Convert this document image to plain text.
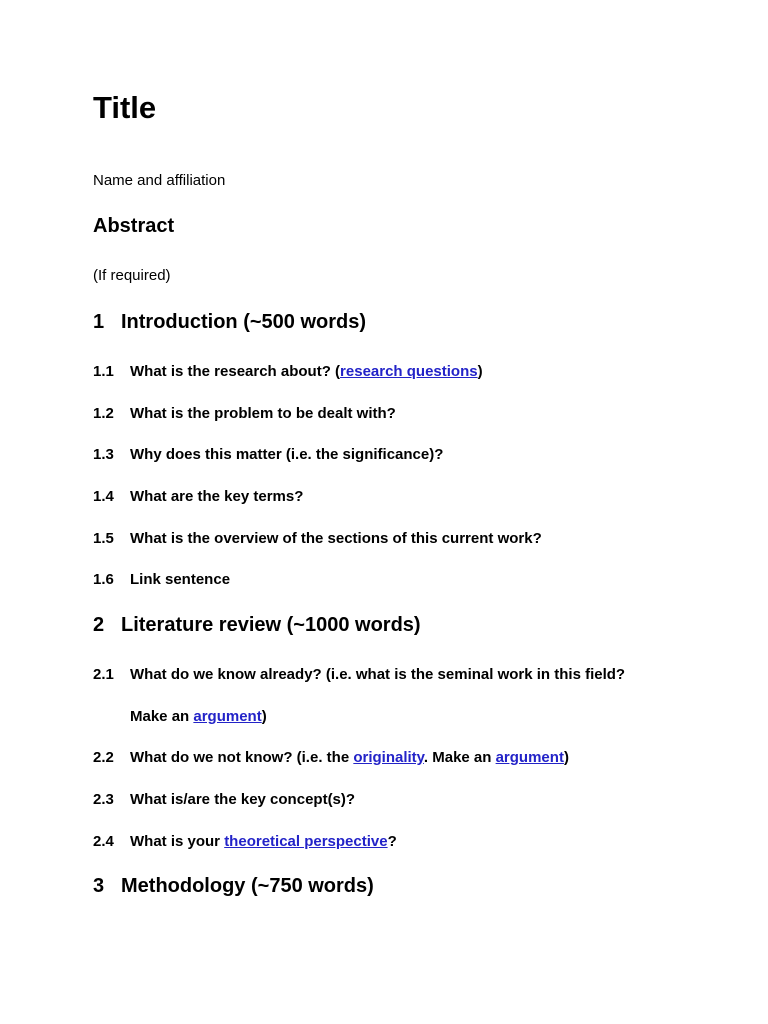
Title

Name and affiliation

Abstract

(If required)

1 Introduction (~500 words)

1.1 What is the research about? (research questions)

1.2 What is the problem to be dealt with?

1.3 Why does this matter (i.e. the significance)?

1.4 What are the key terms?

1.5 What is the overview of the sections of this current work?

1.6 Link sentence

2 Literature review (~1000 words)

2.1 What do we know already? (i.e. what is the seminal work in this field?

Make an argument)

2.2 What do we not know? (i.e. the originality. Make an argument)

2.3 What is/are the key concept(s)?

2.4 What is your theoretical perspective?

3 Methodology (~750 words)
